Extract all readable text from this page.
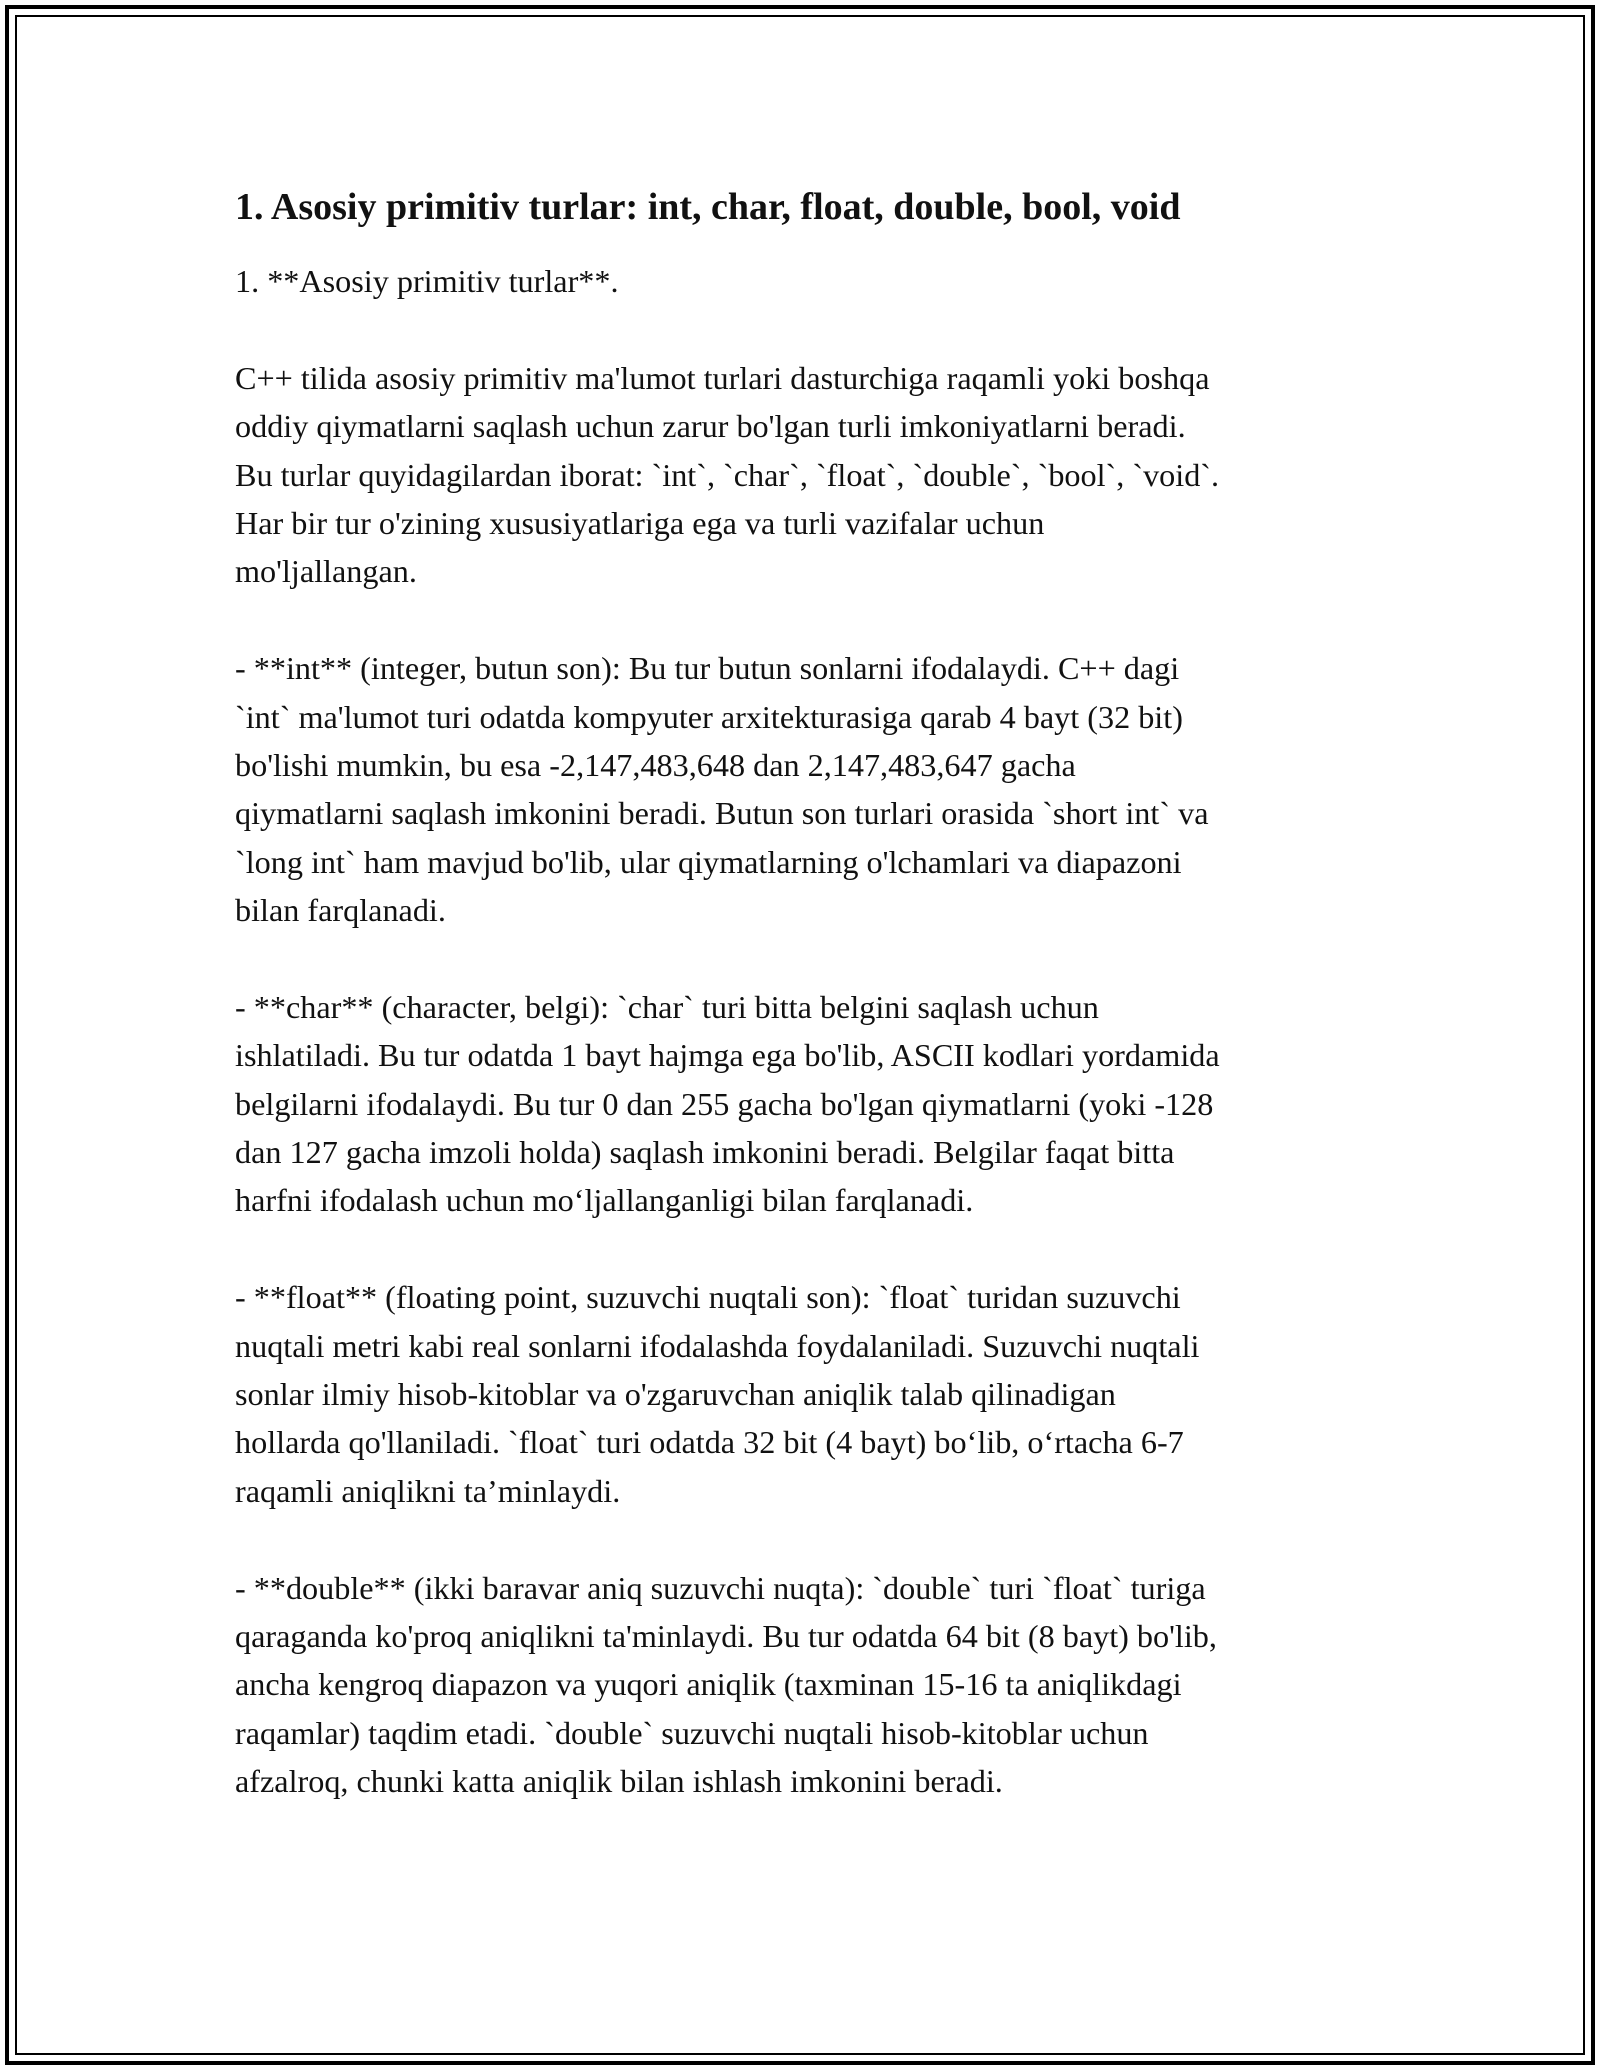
1. Asosiy primitiv turlar: int, char, float, double, bool, void
1. **Asosiy primitiv turlar**.
C++ tilida asosiy primitiv ma'lumot turlari dasturchiga raqamli yoki boshqa
oddiy qiymatlarni saqlash uchun zarur bo'lgan turli imkoniyatlarni beradi.
Bu turlar quyidagilardan iborat: `int`, `char`, `float`, `double`, `bool`, `void`.
Har bir tur o'zining xususiyatlariga ega va turli vazifalar uchun
mo'ljallangan.
- **int** (integer, butun son): Bu tur butun sonlarni ifodalaydi. C++ dagi
`int` ma'lumot turi odatda kompyuter arxitekturasiga qarab 4 bayt (32 bit)
bo'lishi mumkin, bu esa -2,147,483,648 dan 2,147,483,647 gacha
qiymatlarni saqlash imkonini beradi. Butun son turlari orasida `short int` va
`long int` ham mavjud bo'lib, ular qiymatlarning o'lchamlari va diapazoni
bilan farqlanadi.
- **char** (character, belgi): `char` turi bitta belgini saqlash uchun
ishlatiladi. Bu tur odatda 1 bayt hajmga ega bo'lib, ASCII kodlari yordamida
belgilarni ifodalaydi. Bu tur 0 dan 255 gacha bo'lgan qiymatlarni (yoki -128
dan 127 gacha imzoli holda) saqlash imkonini beradi. Belgilar faqat bitta
harfni ifodalash uchun mo‘ljallanganligi bilan farqlanadi.
- **float** (floating point, suzuvchi nuqtali son): `float` turidan suzuvchi
nuqtali metri kabi real sonlarni ifodalashda foydalaniladi. Suzuvchi nuqtali
sonlar ilmiy hisob-kitoblar va o'zgaruvchan aniqlik talab qilinadigan
hollarda qo'llaniladi. `float` turi odatda 32 bit (4 bayt) bo‘lib, o‘rtacha 6-7
raqamli aniqlikni ta’minlaydi.
- **double** (ikki baravar aniq suzuvchi nuqta): `double` turi `float` turiga
qaraganda ko'proq aniqlikni ta'minlaydi. Bu tur odatda 64 bit (8 bayt) bo'lib,
ancha kengroq diapazon va yuqori aniqlik (taxminan 15-16 ta aniqlikdagi
raqamlar) taqdim etadi. `double` suzuvchi nuqtali hisob-kitoblar uchun
afzalroq, chunki katta aniqlik bilan ishlash imkonini beradi.
